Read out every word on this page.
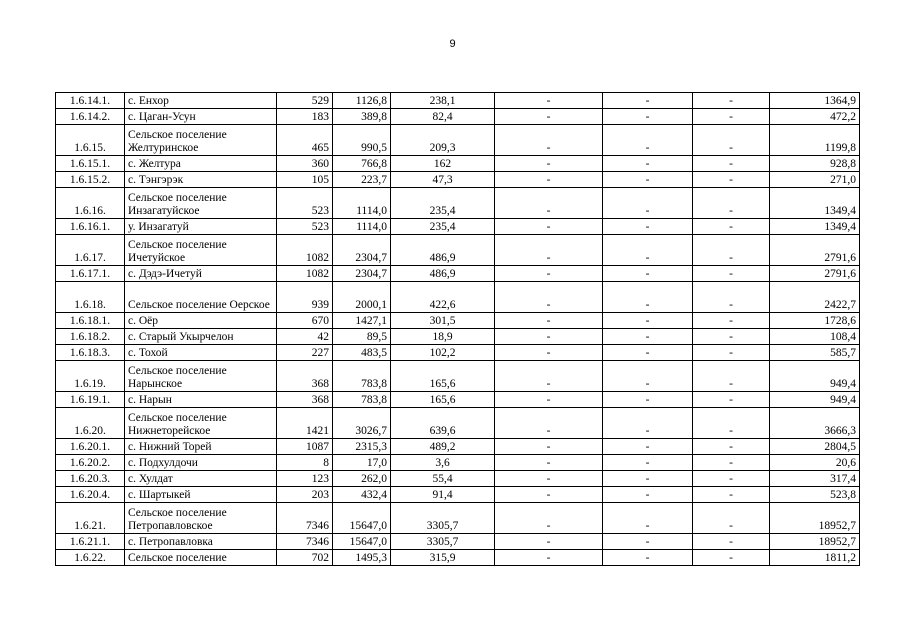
9
1.6.14.1.	с. Енхор	529	1126,8	238,1	-	-	-	1364,9
1.6.14.2.	с. Цаган-Усун	183	389,8	82,4	-	-	-	472,2
1.6.15.	Сельское поселение Желтуринское	465	990,5	209,3	-	-	-	1199,8
1.6.15.1.	с. Желтура	360	766,8	162	-	-	-	928,8
1.6.15.2.	с. Тэнгэрэк	105	223,7	47,3	-	-	-	271,0
1.6.16.	Сельское поселение Инзагатуйское	523	1114,0	235,4	-	-	-	1349,4
1.6.16.1.	у. Инзагатуй	523	1114,0	235,4	-	-	-	1349,4
1.6.17.	Сельское поселение Ичетуйское	1082	2304,7	486,9	-	-	-	2791,6
1.6.17.1.	с. Дэдэ-Ичетуй	1082	2304,7	486,9	-	-	-	2791,6
1.6.18.	Сельское поселение Оерское	939	2000,1	422,6	-	-	-	2422,7
1.6.18.1.	с. Оёр	670	1427,1	301,5	-	-	-	1728,6
1.6.18.2.	с. Старый Укырчелон	42	89,5	18,9	-	-	-	108,4
1.6.18.3.	с. Тохой	227	483,5	102,2	-	-	-	585,7
1.6.19.	Сельское поселение Нарынское	368	783,8	165,6	-	-	-	949,4
1.6.19.1.	с. Нарын	368	783,8	165,6	-	-	-	949,4
1.6.20.	Сельское поселение Нижнеторейское	1421	3026,7	639,6	-	-	-	3666,3
1.6.20.1.	с. Нижний Торей	1087	2315,3	489,2	-	-	-	2804,5
1.6.20.2.	с. Подхулдочи	8	17,0	3,6	-	-	-	20,6
1.6.20.3.	с. Хулдат	123	262,0	55,4	-	-	-	317,4
1.6.20.4.	с. Шартыкей	203	432,4	91,4	-	-	-	523,8
1.6.21.	Сельское поселение Петропавловское	7346	15647,0	3305,7	-	-	-	18952,7
1.6.21.1.	с. Петропавловка	7346	15647,0	3305,7	-	-	-	18952,7
1.6.22.	Сельское поселение	702	1495,3	315,9	-	-	-	1811,2
